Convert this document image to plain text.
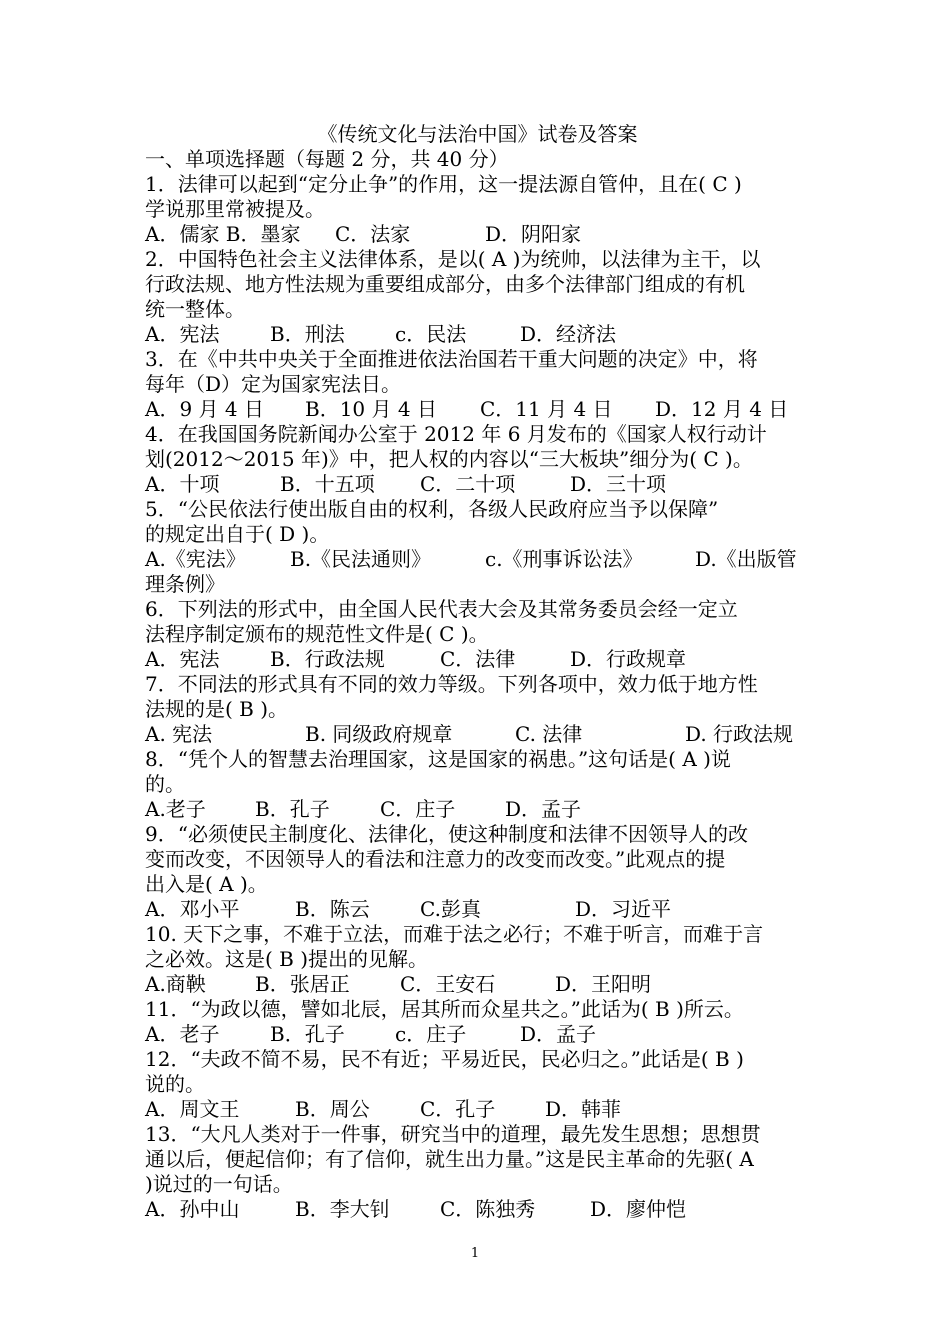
《传统文化与法治中国》试卷及答案
一、单项选择题（每题 2 分，共 40 分）
1．法律可以起到“定分止争”的作用，这一提法源自管仲，且在( C )
学说那里常被提及。
A．儒家 B．墨家 C．法家	D．阴阳家
2．中国特色社会主义法律体系，是以( A )为统帅，以法律为主干，以
行政法规、地方性法规为重要组成部分，由多个法律部门组成的有机
统一整体。
A．宪法	B．刑法	c．民法	D．经济法
3．在《中共中央关于全面推进依法治国若干重大问题的决定》中，将
每年（D）定为国家宪法日。
A．9 月 4 日 B．10 月 4 日 C．11 月 4 日 D．12 月 4 日
4．在我国国务院新闻办公室于 2012 年 6 月发布的《国家人权行动计
划(2012～2015 年)》中，把人权的内容以“三大板块”细分为( C )。
A．十项	B．十五项 C．二十项	D．三十项
5．“公民依法行使出版自由的权利，各级人民政府应当予以保障”
的规定出自于( D )。
A.《宪法》 B.《民法通则》	c.《刑事诉讼法》	D.《出版管
理条例》
6．下列法的形式中，由全国人民代表大会及其常务委员会经一定立
法程序制定颁布的规范性文件是( C )。
A．宪法	B．行政法规	C．法律	D．行政规章
7．不同法的形式具有不同的效力等级。下列各项中，效力低于地方性
法规的是( B )。
A. 宪法	B. 同级政府规章	C. 法律	D. 行政法规
8．“凭个人的智慧去治理国家，这是国家的祸患。”这句话是( A )说
的。
A.老子 B．孔子	C．庄子 D．孟子
9．“必须使民主制度化、法律化，使这种制度和法律不因领导人的改
变而改变，不因领导人的看法和注意力的改变而改变。”此观点的提
出入是( A )。
A．邓小平	B．陈云	C.彭真	D．习近平
10. 天下之事，不难于立法，而难于法之必行；不难于听言，而难于言
之必效。这是( B )提出的见解。
A.商鞅 B．张居正	C．王安石	D．王阳明
11．“为政以德，譬如北辰，居其所而众星共之。”此话为( B )所云。
A．老子	B．孔子	c．庄子	D．孟子
12．“夫政不简不易，民不有近；平易近民，民必归之。”此话是( B )
说的。
A．周文王	B．周公	C．孔子 D．韩菲
13．“大凡人类对于一件事，研究当中的道理，最先发生思想；思想贯
通以后，便起信仰；有了信仰，就生出力量。”这是民主革命的先驱( A
)说过的一句话。
A．孙中山	B．李大钊	C．陈独秀	D．廖仲恺
1
